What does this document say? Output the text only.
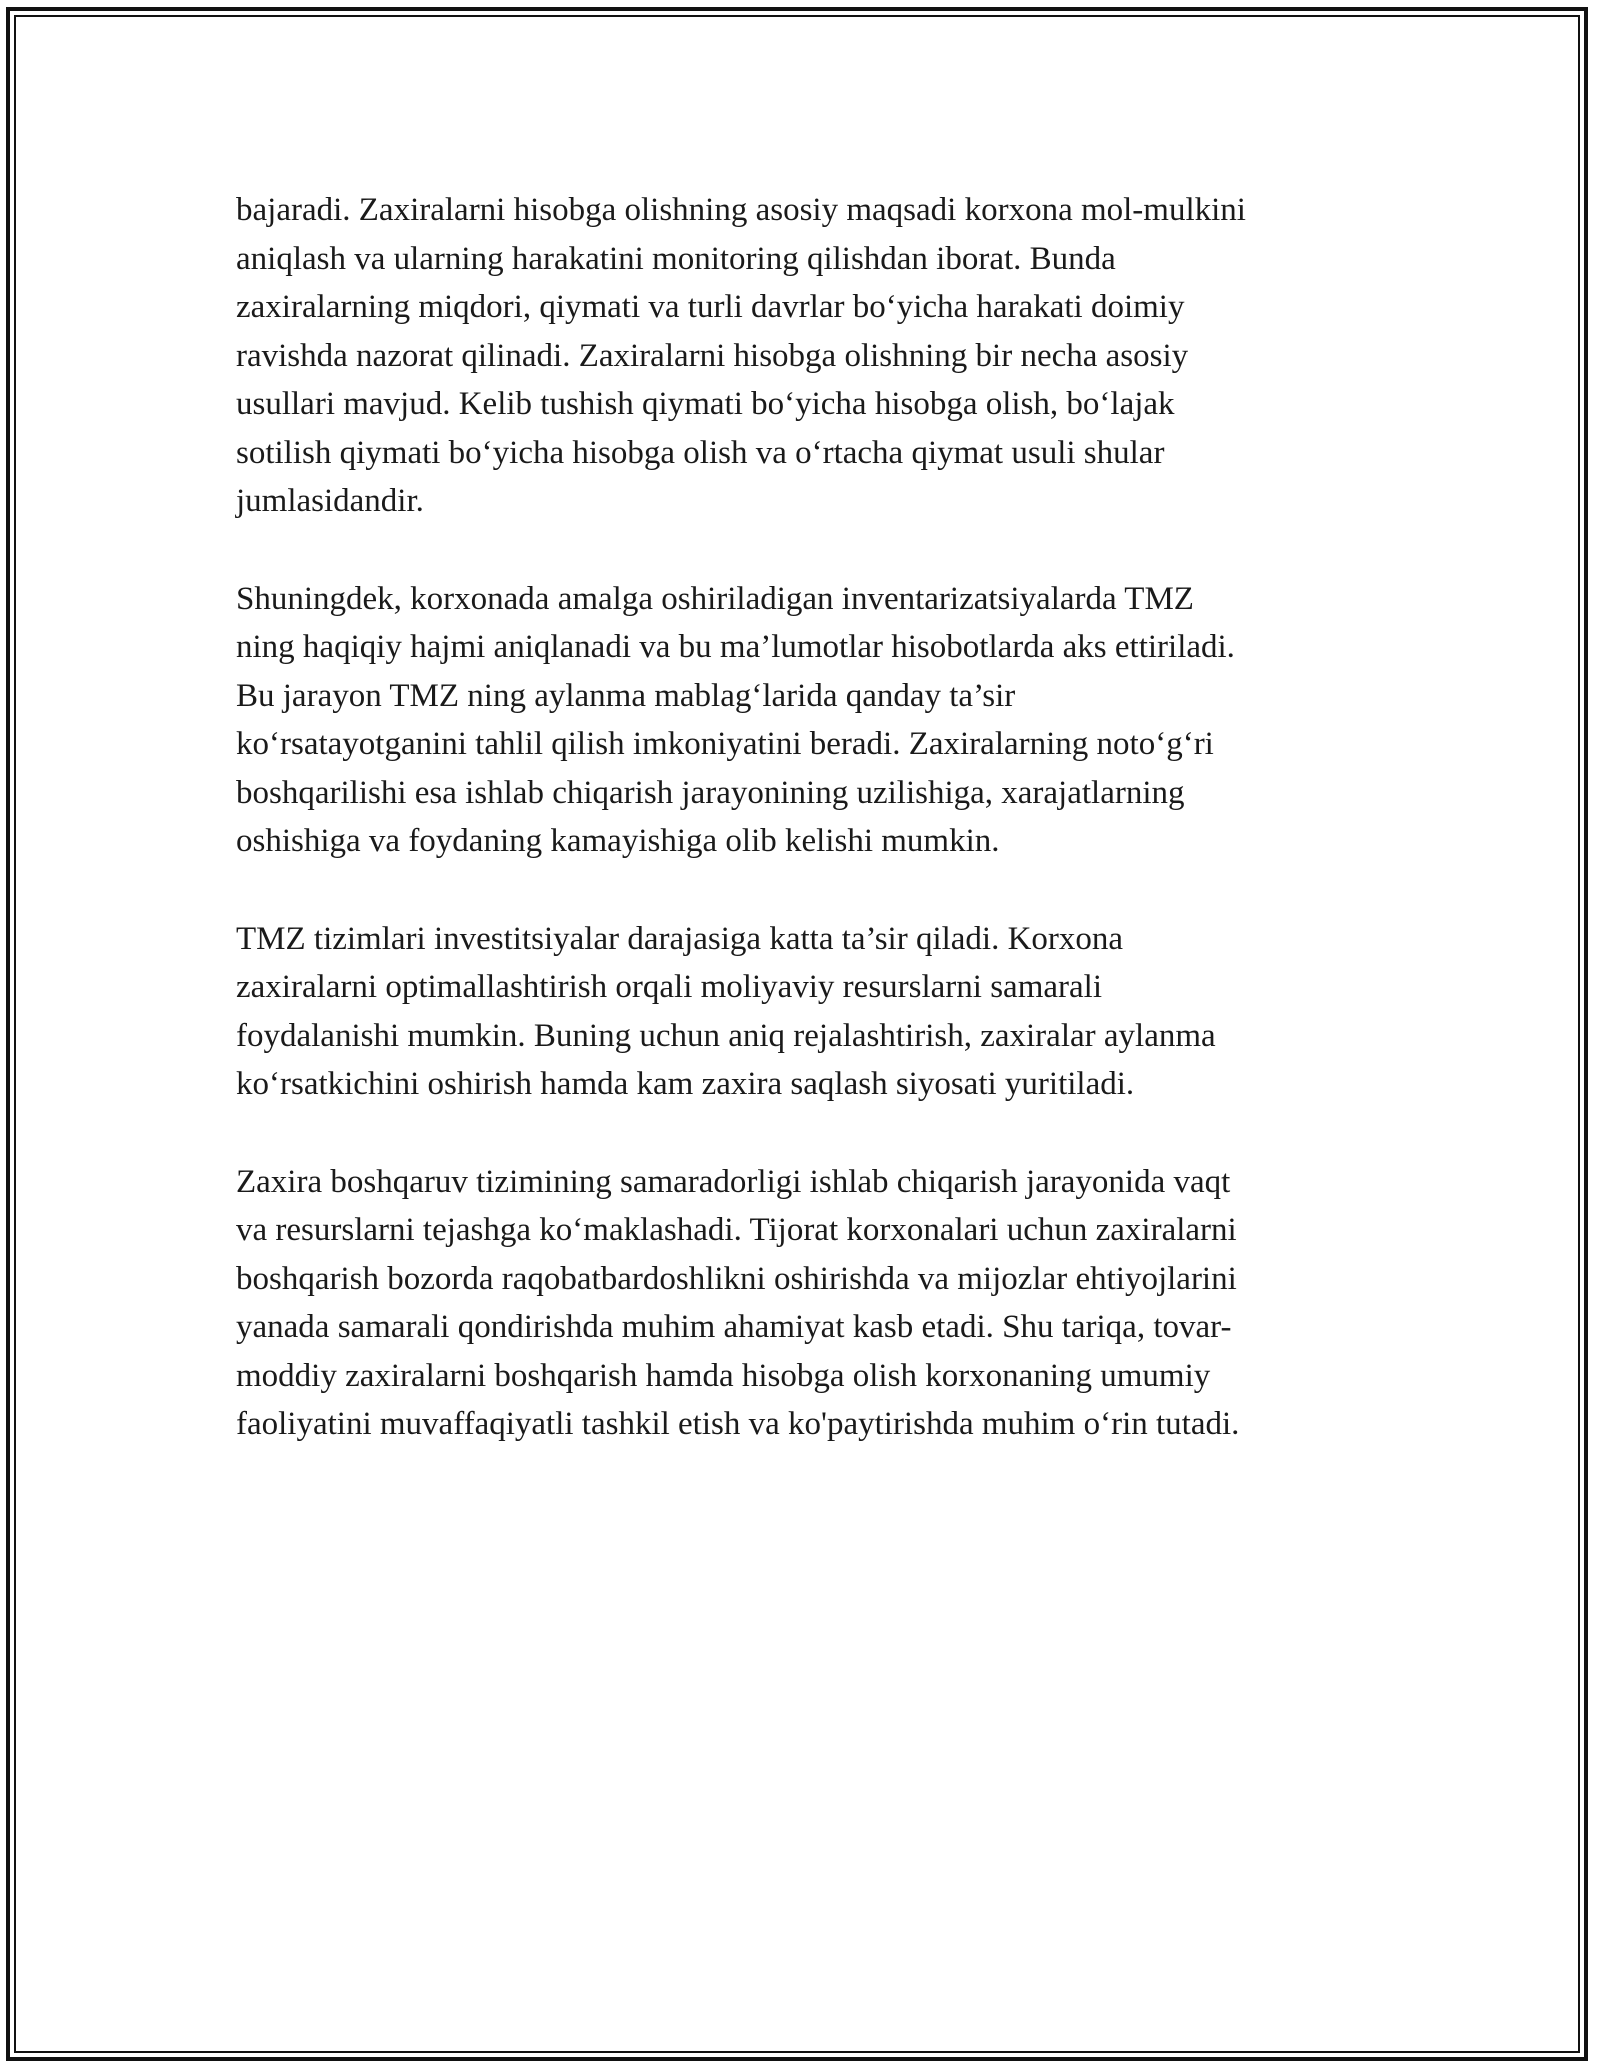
bajaradi. Zaxiralarni hisobga olishning asosiy maqsadi korxona mol-mulkini
aniqlash va ularning harakatini monitoring qilishdan iborat. Bunda
zaxiralarning miqdori, qiymati va turli davrlar bo‘yicha harakati doimiy
ravishda nazorat qilinadi. Zaxiralarni hisobga olishning bir necha asosiy
usullari mavjud. Kelib tushish qiymati bo‘yicha hisobga olish, bo‘lajak
sotilish qiymati bo‘yicha hisobga olish va o‘rtacha qiymat usuli shular
jumlasidandir.

Shuningdek, korxonada amalga oshiriladigan inventarizatsiyalarda TMZ
ning haqiqiy hajmi aniqlanadi va bu ma’lumotlar hisobotlarda aks ettiriladi.
Bu jarayon TMZ ning aylanma mablag‘larida qanday ta’sir
ko‘rsatayotganini tahlil qilish imkoniyatini beradi. Zaxiralarning noto‘g‘ri
boshqarilishi esa ishlab chiqarish jarayonining uzilishiga, xarajatlarning
oshishiga va foydaning kamayishiga olib kelishi mumkin.

TMZ tizimlari investitsiyalar darajasiga katta ta’sir qiladi. Korxona
zaxiralarni optimallashtirish orqali moliyaviy resurslarni samarali
foydalanishi mumkin. Buning uchun aniq rejalashtirish, zaxiralar aylanma
ko‘rsatkichini oshirish hamda kam zaxira saqlash siyosati yuritiladi.

Zaxira boshqaruv tizimining samaradorligi ishlab chiqarish jarayonida vaqt
va resurslarni tejashga ko‘maklashadi. Tijorat korxonalari uchun zaxiralarni
boshqarish bozorda raqobatbardoshlikni oshirishda va mijozlar ehtiyojlarini
yanada samarali qondirishda muhim ahamiyat kasb etadi. Shu tariqa, tovar-
moddiy zaxiralarni boshqarish hamda hisobga olish korxonaning umumiy
faoliyatini muvaffaqiyatli tashkil etish va ko'paytirishda muhim o‘rin tutadi.
